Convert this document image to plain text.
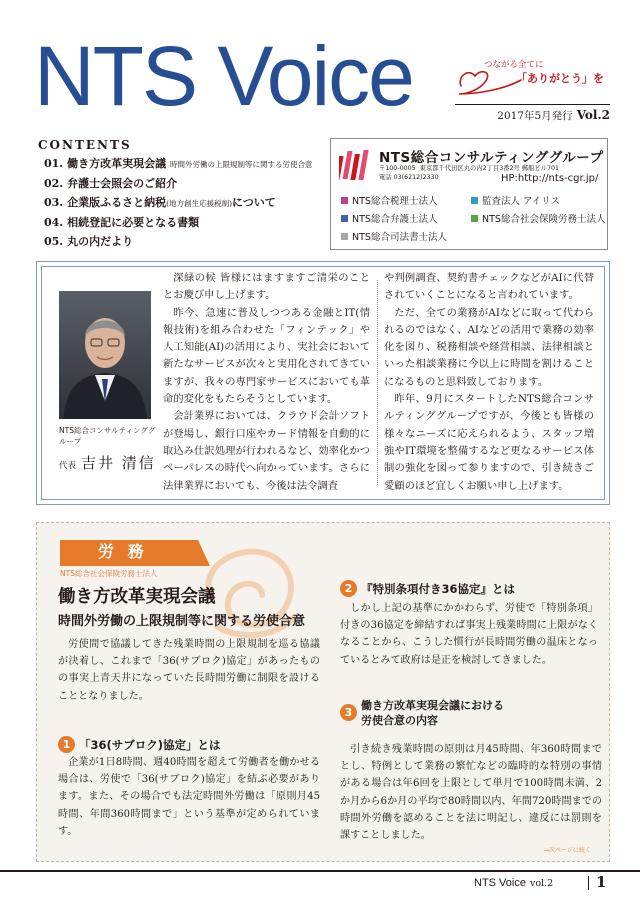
NTS Voice	つながる全てに
「ありがとう」を
2017年5月発行 Vol.2
CONTENTS
01. 働き方改革実現会議 時間外労働の上限規制等に関する労使合意
02. 弁護士会照会のご紹介
03. 企業版ふるさと納税(地方創生応援税制)について
04. 相続登記に必要となる書類
05. 丸の内だより
NTS総合コンサルティンググループ
〒100-0005 東京都千代田区丸の内2丁目3番2号 郵船ビル701
電話 03(6212)2330	HP:http://nts-cgr.jp/
NTS総合税理士法人	監査法人 アイリス
NTS総合弁護士法人	NTS総合社会保険労務士法人
NTS総合司法書士法人
NTS総合コンサルティンググループ
代表 吉井 清信

深緑の候 皆様にはますますご清栄のこととお慶び申し上げます。

昨今、急速に普及しつつある金融とIT(情報技術)を組み合わせた「フィンテック」や人工知能(AI)の活用により、実社会において新たなサービスが次々と実用化されてきていますが、我々の専門家サービスにおいても革命的変化をもたらそうとしています。

会計業界においては、クラウド会計ソフトが登場し、銀行口座やカード情報を自動的に取込み仕訳処理が行われるなど、効率化かつペーパレスの時代へ向かっています。さらに法律業界においても、今後は法令調査

や判例調査、契約書チェックなどがAIに代替されていくことになると言われています。

ただ、全ての業務がAIなどに取って代わられるのではなく、AIなどの活用で業務の効率化を図り、税務相談や経営相談、法律相談といった相談業務に今以上に時間を割けることになるものと思料致しております。

昨年、9月にスタートしたNTS総合コンサルティンググループですが、今後とも皆様の様々なニーズに応えられるよう、スタッフ増強やIT環境を整備するなど更なるサービス体制の強化を図って参りますので、引き続きご愛顧のほど宜しくお願い申し上げます。

労 務
NTS総合社会保険労務士法人
働き方改革実現会議
時間外労働の上限規制等に関する労使合意

労使間で協議してきた残業時間の上限規制を巡る協議が決着し、これまで「36(サブロク)協定」があったものの事実上青天井になっていた長時間労働に制限を設けることとなりました。

1 「36(サブロク)協定」とは

企業が1日8時間、週40時間を超えて労働者を働かせる場合は、労使で「36(サブロク)協定」を結ぶ必要があります。また、その場合でも法定時間外労働は「原則月45時間、年間360時間まで」という基準が定められています。

2 『特別条項付き36協定』とは

しかし上記の基準にかかわらず、労使で「特別条項」付きの36協定を締結すれば事実上残業時間に上限がなくなることから、こうした慣行が長時間労働の温床となっているとみて政府は是正を検討してきました。

3
働き方改革実現会議における
労使合意の内容

引き続き残業時間の原則は月45時間、年360時間までとし、特例として業務の繁忙などの臨時的な特別の事情がある場合は年6回を上限として単月で100時間未満、2か月から6か月の平均で80時間以内、年間720時間までの時間外労働を認めることを法に明記し、違反には罰則を課すことしました。

→次ページに続く
NTS Voice vol.2	1
